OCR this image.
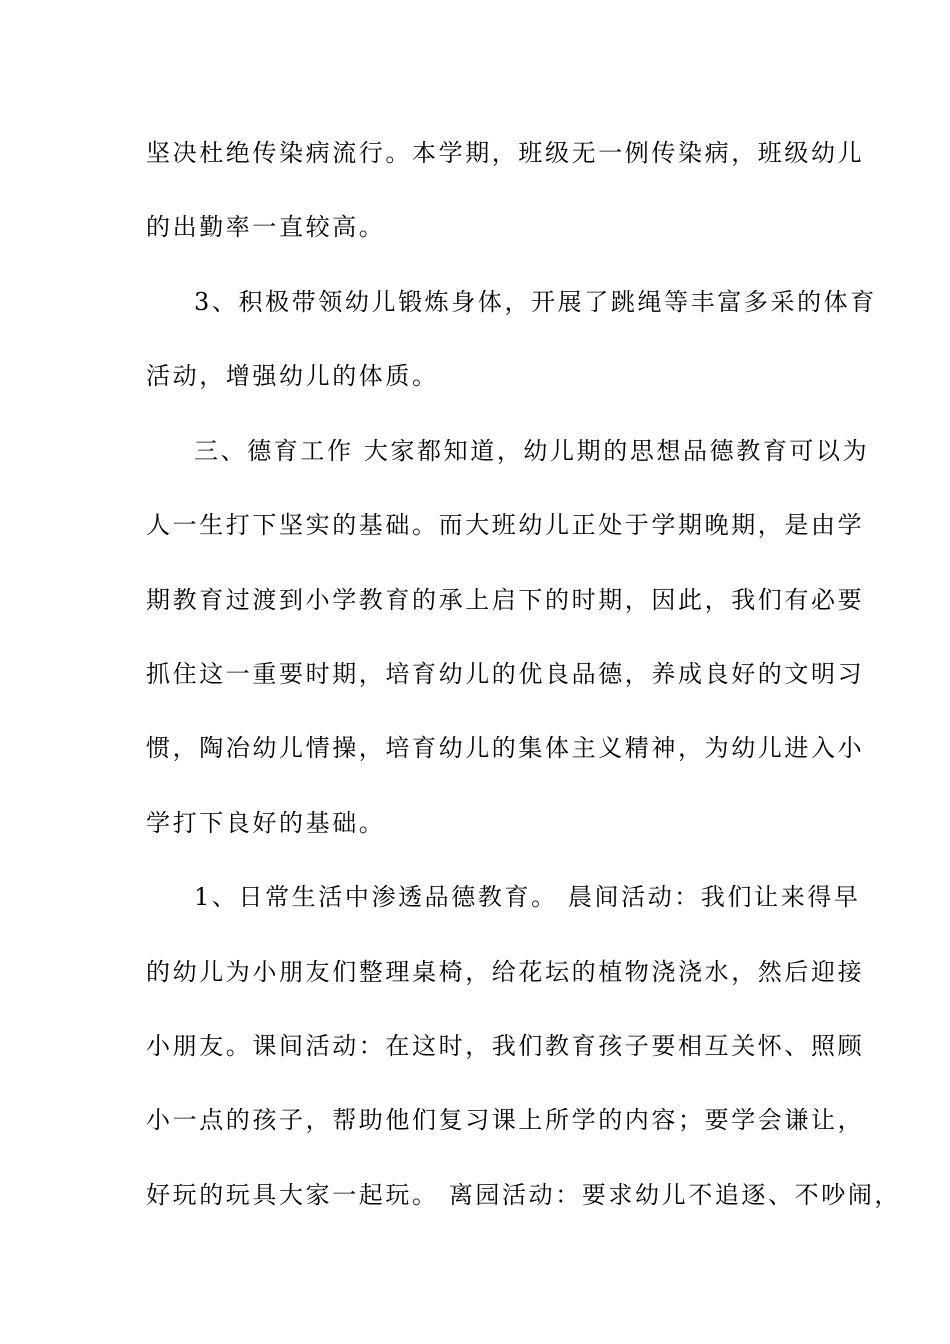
坚决杜绝传染病流行。本学期，班级无一例传染病，班级幼儿
的出勤率一直较高。
3、积极带领幼儿锻炼身体，开展了跳绳等丰富多采的体育
活动，增强幼儿的体质。
三、德育工作 大家都知道，幼儿期的思想品德教育可以为
人一生打下坚实的基础。而大班幼儿正处于学期晚期，是由学
期教育过渡到小学教育的承上启下的时期，因此，我们有必要
抓住这一重要时期，培育幼儿的优良品德，养成良好的文明习
惯，陶冶幼儿情操，培育幼儿的集体主义精神，为幼儿进入小
学打下良好的基础。
1、日常生活中渗透品德教育。 晨间活动：我们让来得早
的幼儿为小朋友们整理桌椅，给花坛的植物浇浇水，然后迎接
小朋友。课间活动：在这时，我们教育孩子要相互关怀、照顾
小一点的孩子，帮助他们复习课上所学的内容；要学会谦让，
好玩的玩具大家一起玩。 离园活动：要求幼儿不追逐、不吵闹，
